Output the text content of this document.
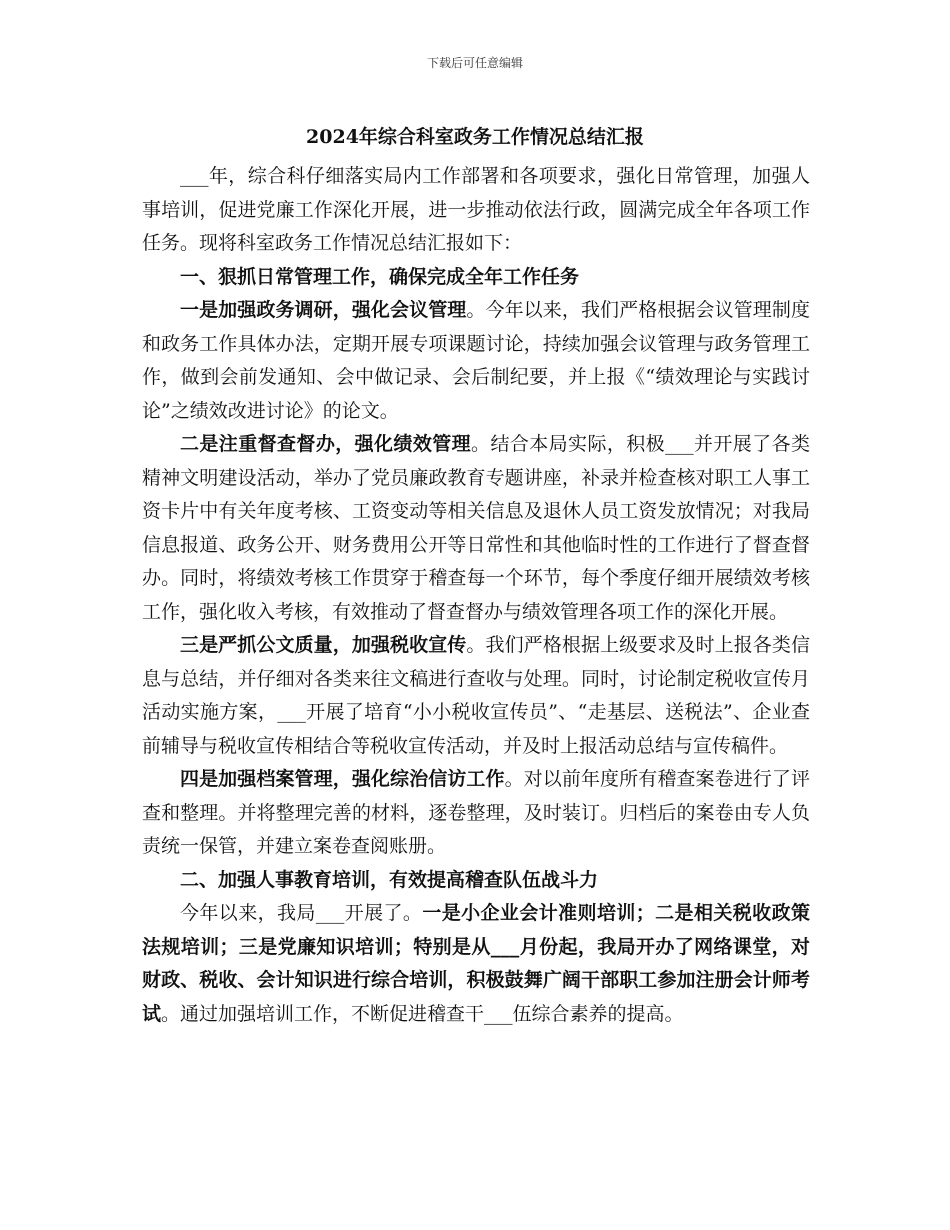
下载后可任意编辑
2024年综合科室政务工作情况总结汇报

___年，综合科仔细落实局内工作部署和各项要求，强化日常管理，加强人事培训，促进党廉工作深化开展，进一步推动依法行政，圆满完成全年各项工作任务。现将科室政务工作情况总结汇报如下：

一、狠抓日常管理工作，确保完成全年工作任务

一是加强政务调研，强化会议管理。今年以来，我们严格根据会议管理制度和政务工作具体办法，定期开展专项课题讨论，持续加强会议管理与政务管理工作，做到会前发通知、会中做记录、会后制纪要，并上报《“绩效理论与实践讨论”之绩效改进讨论》的论文。

二是注重督查督办，强化绩效管理。结合本局实际，积极___并开展了各类精神文明建设活动，举办了党员廉政教育专题讲座，补录并检查核对职工人事工资卡片中有关年度考核、工资变动等相关信息及退休人员工资发放情况；对我局信息报道、政务公开、财务费用公开等日常性和其他临时性的工作进行了督查督办。同时，将绩效考核工作贯穿于稽查每一个环节，每个季度仔细开展绩效考核工作，强化收入考核，有效推动了督查督办与绩效管理各项工作的深化开展。

三是严抓公文质量，加强税收宣传。我们严格根据上级要求及时上报各类信息与总结，并仔细对各类来往文稿进行查收与处理。同时，讨论制定税收宣传月活动实施方案，___开展了培育“小小税收宣传员”、“走基层、送税法”、企业查前辅导与税收宣传相结合等税收宣传活动，并及时上报活动总结与宣传稿件。

四是加强档案管理，强化综治信访工作。对以前年度所有稽查案卷进行了评查和整理。并将整理完善的材料，逐卷整理，及时装订。归档后的案卷由专人负责统一保管，并建立案卷查阅账册。

二、加强人事教育培训，有效提高稽查队伍战斗力

今年以来，我局___开展了。一是小企业会计准则培训；二是相关税收政策法规培训；三是党廉知识培训；特别是从___月份起，我局开办了网络课堂，对财政、税收、会计知识进行综合培训，积极鼓舞广阔干部职工参加注册会计师考试。通过加强培训工作，不断促进稽查干___伍综合素养的提高。
